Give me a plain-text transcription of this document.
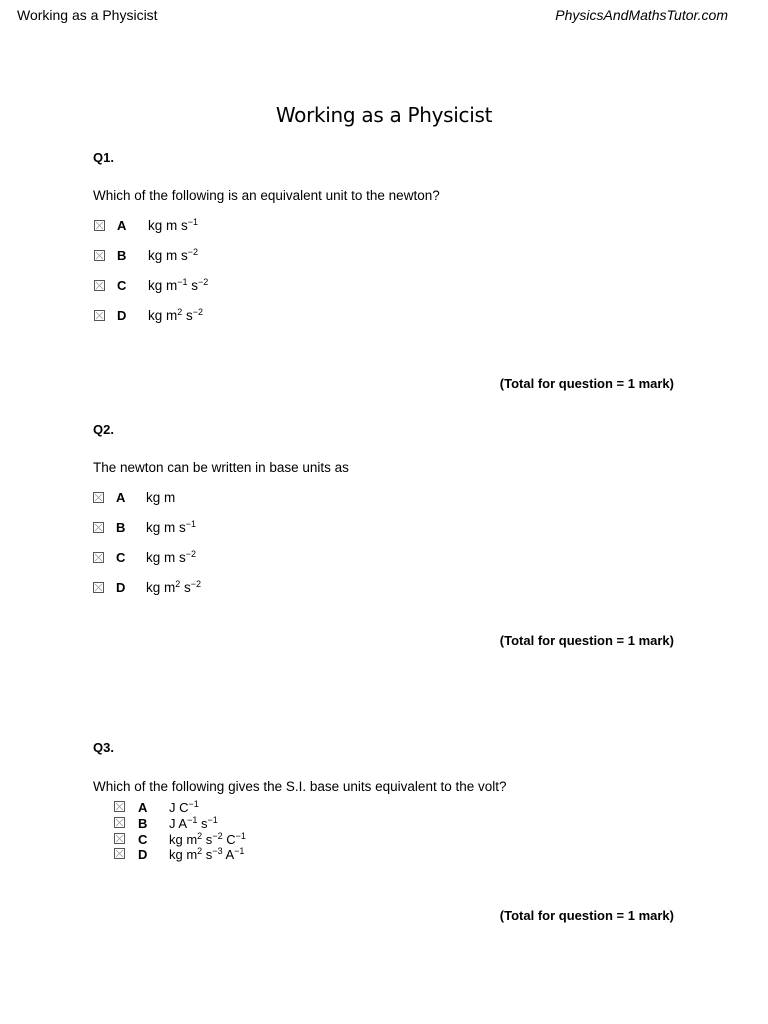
Working as a Physicist	PhysicsAndMathsTutor.com
Working as a Physicist
Q1.
Which of the following is an equivalent unit to the newton?
A kg m $s^{-1}$
B kg m $s^{-2}$
C kg $m^{-1}$ $s^{-2}$
D kg $m^2$ $s^{-2}$
(Total for question = 1 mark)
Q2.
The newton can be written in base units as
A kg m
B kg m $s^{-1}$
C kg m $s^{-2}$
D kg $m^2$ $s^{-2}$
(Total for question = 1 mark)
Q3.
Which of the following gives the S.I. base units equivalent to the volt?
A J $C^{-1}$
B J $A^{-1}$ $s^{-1}$
C kg $m^2$ $s^{-2}$ $C^{-1}$
D kg $m^2$ $s^{-3}$ $A^{-1}$
(Total for question = 1 mark)
